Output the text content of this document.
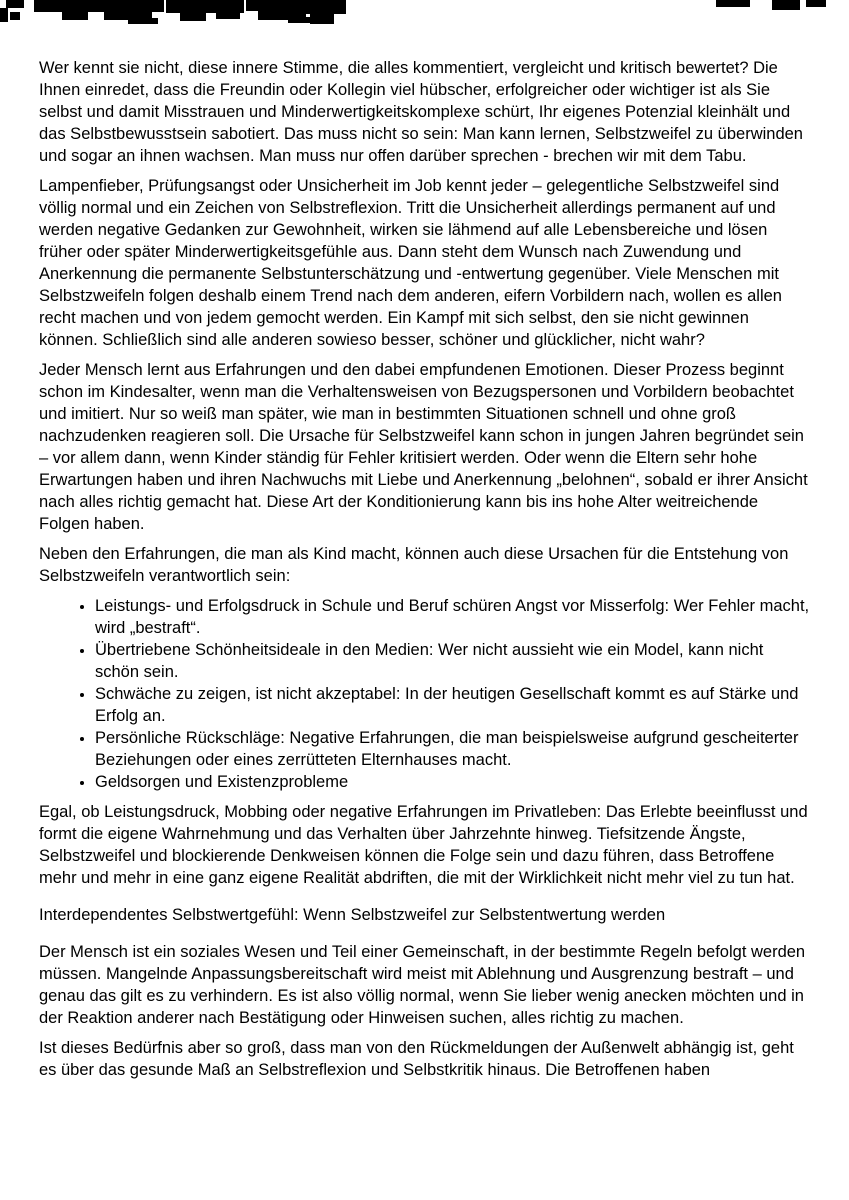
Wer kennt sie nicht, diese innere Stimme, die alles kommentiert, vergleicht und kritisch bewertet? Die Ihnen einredet, dass die Freundin oder Kollegin viel hübscher, erfolgreicher oder wichtiger ist als Sie selbst und damit Misstrauen und Minderwertigkeitskomplexe schürt, Ihr eigenes Potenzial kleinhält und das Selbstbewusstsein sabotiert. Das muss nicht so sein: Man kann lernen, Selbstzweifel zu überwinden und sogar an ihnen wachsen. Man muss nur offen darüber sprechen - brechen wir mit dem Tabu.

Lampenfieber, Prüfungsangst oder Unsicherheit im Job kennt jeder – gelegentliche Selbstzweifel sind völlig normal und ein Zeichen von Selbstreflexion. Tritt die Unsicherheit allerdings permanent auf und werden negative Gedanken zur Gewohnheit, wirken sie lähmend auf alle Lebensbereiche und lösen früher oder später Minderwertigkeitsgefühle aus. Dann steht dem Wunsch nach Zuwendung und Anerkennung die permanente Selbstunterschätzung und -entwertung gegenüber. Viele Menschen mit Selbstzweifeln folgen deshalb einem Trend nach dem anderen, eifern Vorbildern nach, wollen es allen recht machen und von jedem gemocht werden. Ein Kampf mit sich selbst, den sie nicht gewinnen können. Schließlich sind alle anderen sowieso besser, schöner und glücklicher, nicht wahr?

Jeder Mensch lernt aus Erfahrungen und den dabei empfundenen Emotionen. Dieser Prozess beginnt schon im Kindesalter, wenn man die Verhaltensweisen von Bezugspersonen und Vorbildern beobachtet und imitiert. Nur so weiß man später, wie man in bestimmten Situationen schnell und ohne groß nachzudenken reagieren soll. Die Ursache für Selbstzweifel kann schon in jungen Jahren begründet sein – vor allem dann, wenn Kinder ständig für Fehler kritisiert werden. Oder wenn die Eltern sehr hohe Erwartungen haben und ihren Nachwuchs mit Liebe und Anerkennung „belohnen“, sobald er ihrer Ansicht nach alles richtig gemacht hat. Diese Art der Konditionierung kann bis ins hohe Alter weitreichende Folgen haben.

Neben den Erfahrungen, die man als Kind macht, können auch diese Ursachen für die Entstehung von Selbstzweifeln verantwortlich sein:

• Leistungs- und Erfolgsdruck in Schule und Beruf schüren Angst vor Misserfolg: Wer Fehler macht, wird „bestraft“.
• Übertriebene Schönheitsideale in den Medien: Wer nicht aussieht wie ein Model, kann nicht schön sein.
• Schwäche zu zeigen, ist nicht akzeptabel: In der heutigen Gesellschaft kommt es auf Stärke und Erfolg an.
• Persönliche Rückschläge: Negative Erfahrungen, die man beispielsweise aufgrund gescheiterter Beziehungen oder eines zerrütteten Elternhauses macht.
• Geldsorgen und Existenzprobleme

Egal, ob Leistungsdruck, Mobbing oder negative Erfahrungen im Privatleben: Das Erlebte beeinflusst und formt die eigene Wahrnehmung und das Verhalten über Jahrzehnte hinweg. Tiefsitzende Ängste, Selbstzweifel und blockierende Denkweisen können die Folge sein und dazu führen, dass Betroffene mehr und mehr in eine ganz eigene Realität abdriften, die mit der Wirklichkeit nicht mehr viel zu tun hat.

Interdependentes Selbstwertgefühl: Wenn Selbstzweifel zur Selbstentwertung werden

Der Mensch ist ein soziales Wesen und Teil einer Gemeinschaft, in der bestimmte Regeln befolgt werden müssen. Mangelnde Anpassungsbereitschaft wird meist mit Ablehnung und Ausgrenzung bestraft – und genau das gilt es zu verhindern. Es ist also völlig normal, wenn Sie lieber wenig anecken möchten und in der Reaktion anderer nach Bestätigung oder Hinweisen suchen, alles richtig zu machen.

Ist dieses Bedürfnis aber so groß, dass man von den Rückmeldungen der Außenwelt abhängig ist, geht es über das gesunde Maß an Selbstreflexion und Selbstkritik hinaus. Die Betroffenen haben
